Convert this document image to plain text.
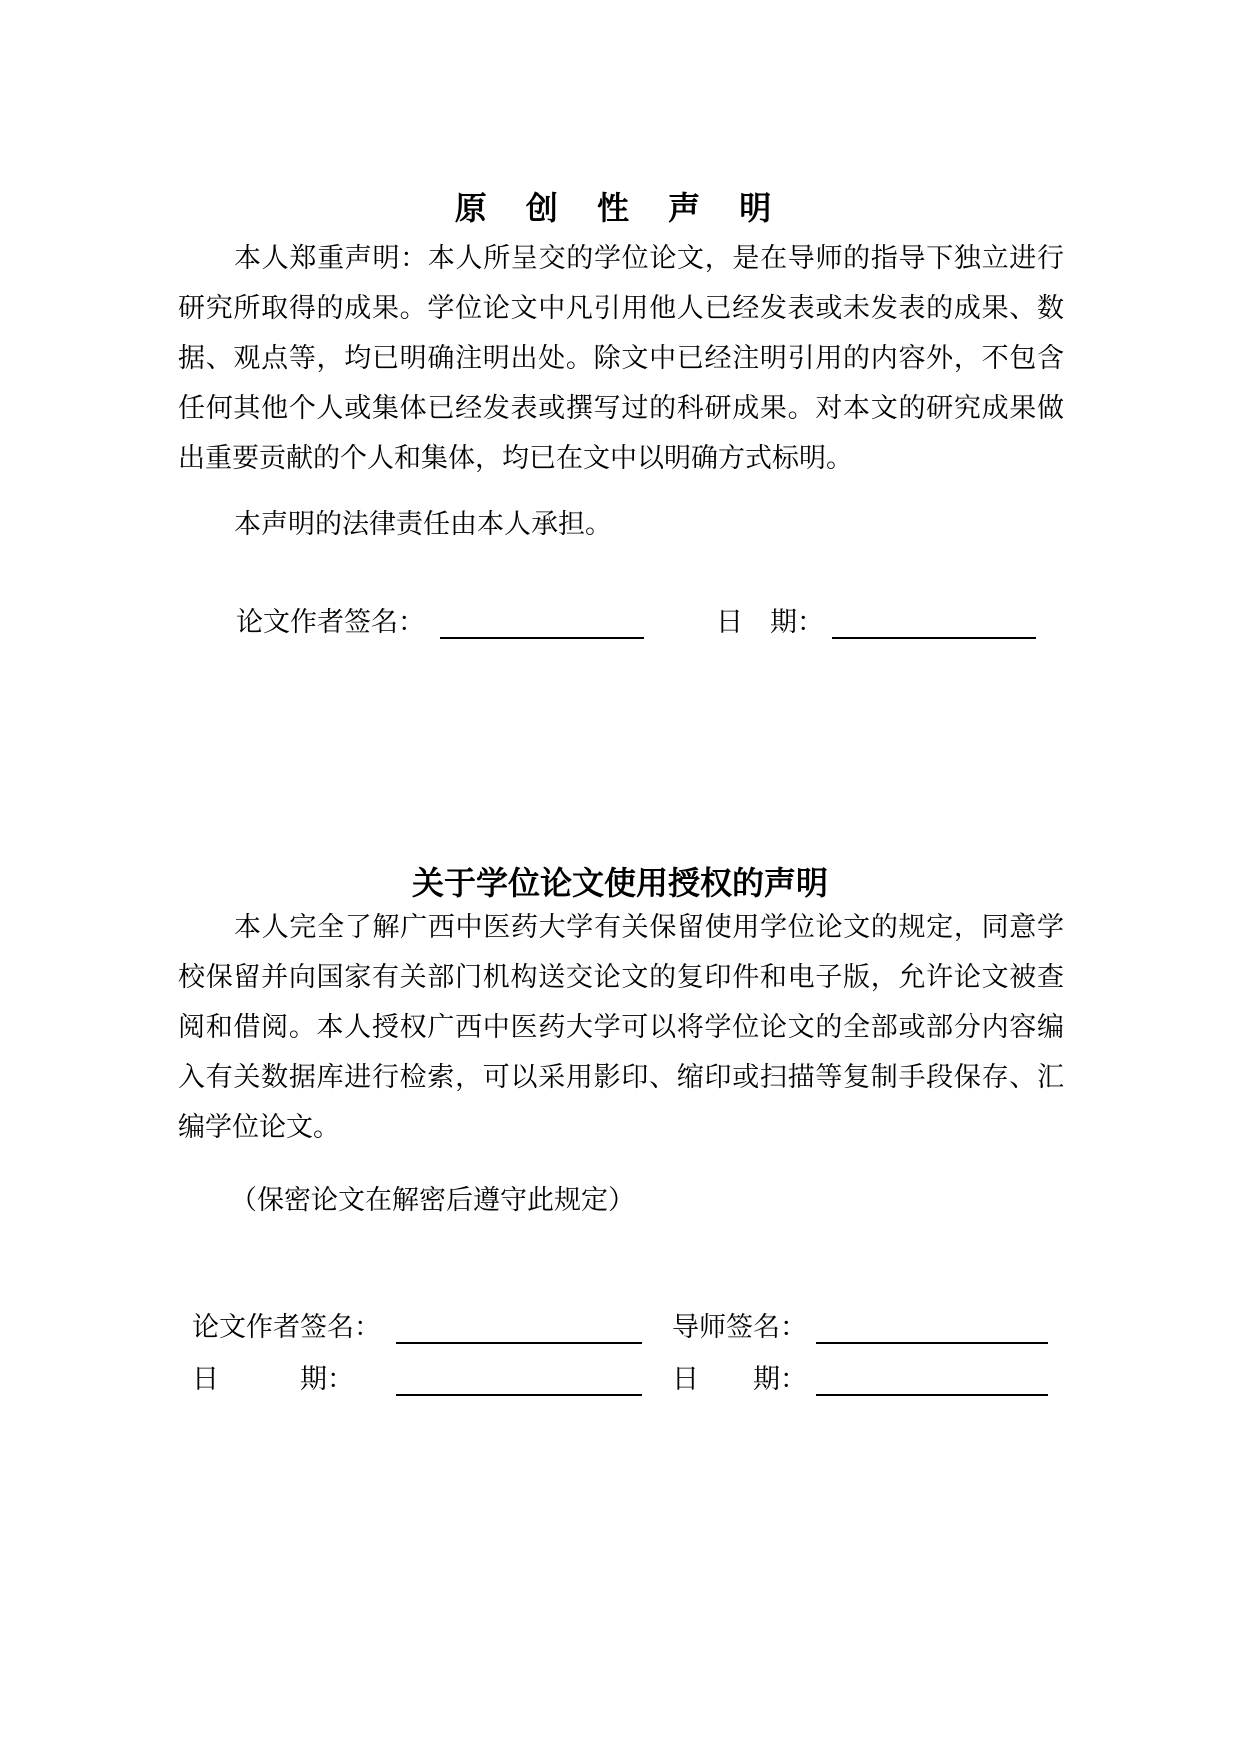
原 创 性 声 明

本人郑重声明：本人所呈交的学位论文，是在导师的指导下独立进行研究所取得的成果。学位论文中凡引用他人已经发表或未发表的成果、数据、观点等，均已明确注明出处。除文中已经注明引用的内容外，不包含任何其他个人或集体已经发表或撰写过的科研成果。对本文的研究成果做出重要贡献的个人和集体，均已在文中以明确方式标明。

本声明的法律责任由本人承担。

论文作者签名：	日　期：
关于学位论文使用授权的声明

本人完全了解广西中医药大学有关保留使用学位论文的规定，同意学校保留并向国家有关部门机构送交论文的复印件和电子版，允许论文被查阅和借阅。本人授权广西中医药大学可以将学位论文的全部或部分内容编入有关数据库进行检索，可以采用影印、缩印或扫描等复制手段保存、汇编学位论文。

（保密论文在解密后遵守此规定）

论文作者签名：	导师签名：
日　　　期：	日　　期：
